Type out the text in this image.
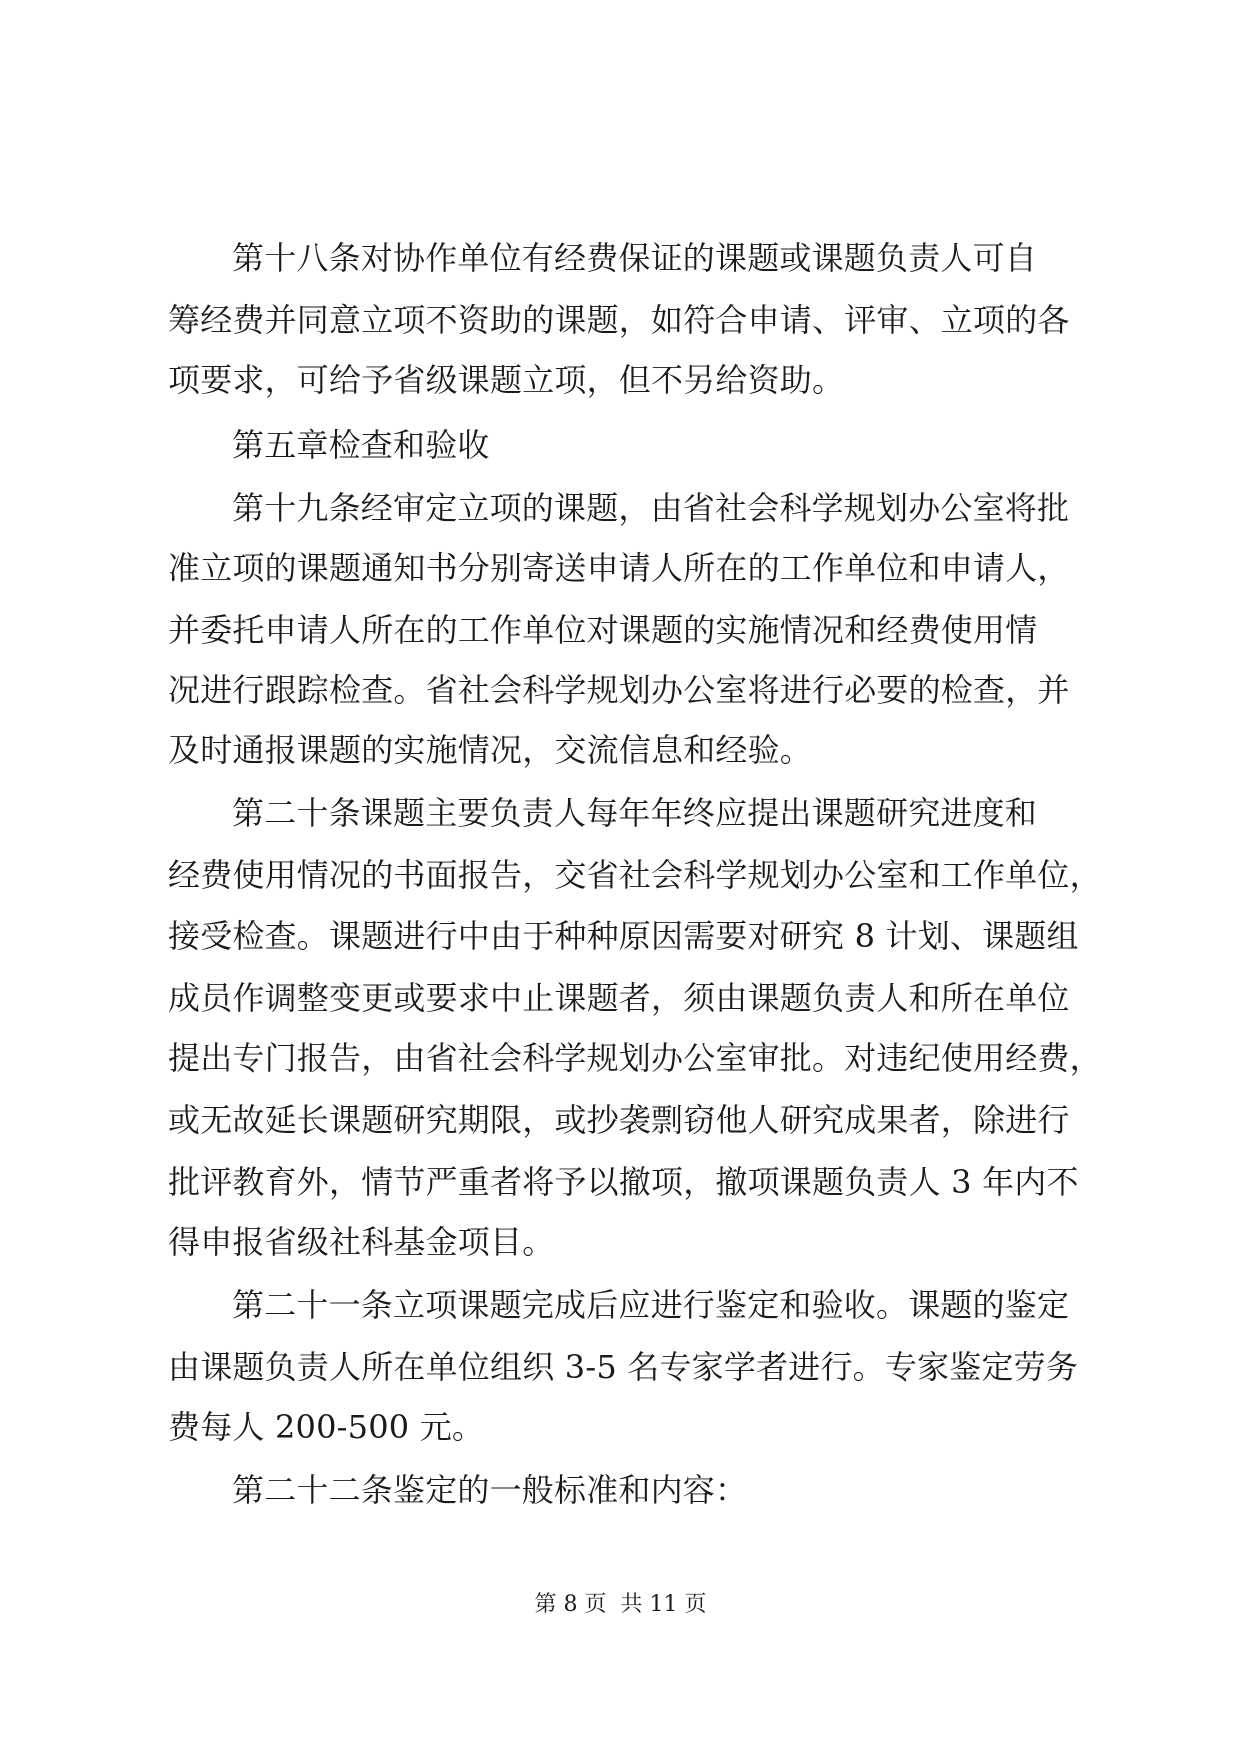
第十八条对协作单位有经费保证的课题或课题负责人可自
筹经费并同意立项不资助的课题，如符合申请、评审、立项的各
项要求，可给予省级课题立项，但不另给资助。
第五章检查和验收
第十九条经审定立项的课题，由省社会科学规划办公室将批
准立项的课题通知书分别寄送申请人所在的工作单位和申请人，
并委托申请人所在的工作单位对课题的实施情况和经费使用情
况进行跟踪检查。省社会科学规划办公室将进行必要的检查，并
及时通报课题的实施情况，交流信息和经验。
第二十条课题主要负责人每年年终应提出课题研究进度和
经费使用情况的书面报告，交省社会科学规划办公室和工作单位，
接受检查。课题进行中由于种种原因需要对研究 8 计划、课题组
成员作调整变更或要求中止课题者，须由课题负责人和所在单位
提出专门报告，由省社会科学规划办公室审批。对违纪使用经费，
或无故延长课题研究期限，或抄袭剽窃他人研究成果者，除进行
批评教育外，情节严重者将予以撤项，撤项课题负责人 3 年内不
得申报省级社科基金项目。
第二十一条立项课题完成后应进行鉴定和验收。课题的鉴定
由课题负责人所在单位组织 3-5 名专家学者进行。专家鉴定劳务
费每人 200-500 元。
第二十二条鉴定的一般标准和内容：
第 8 页 共 11 页
